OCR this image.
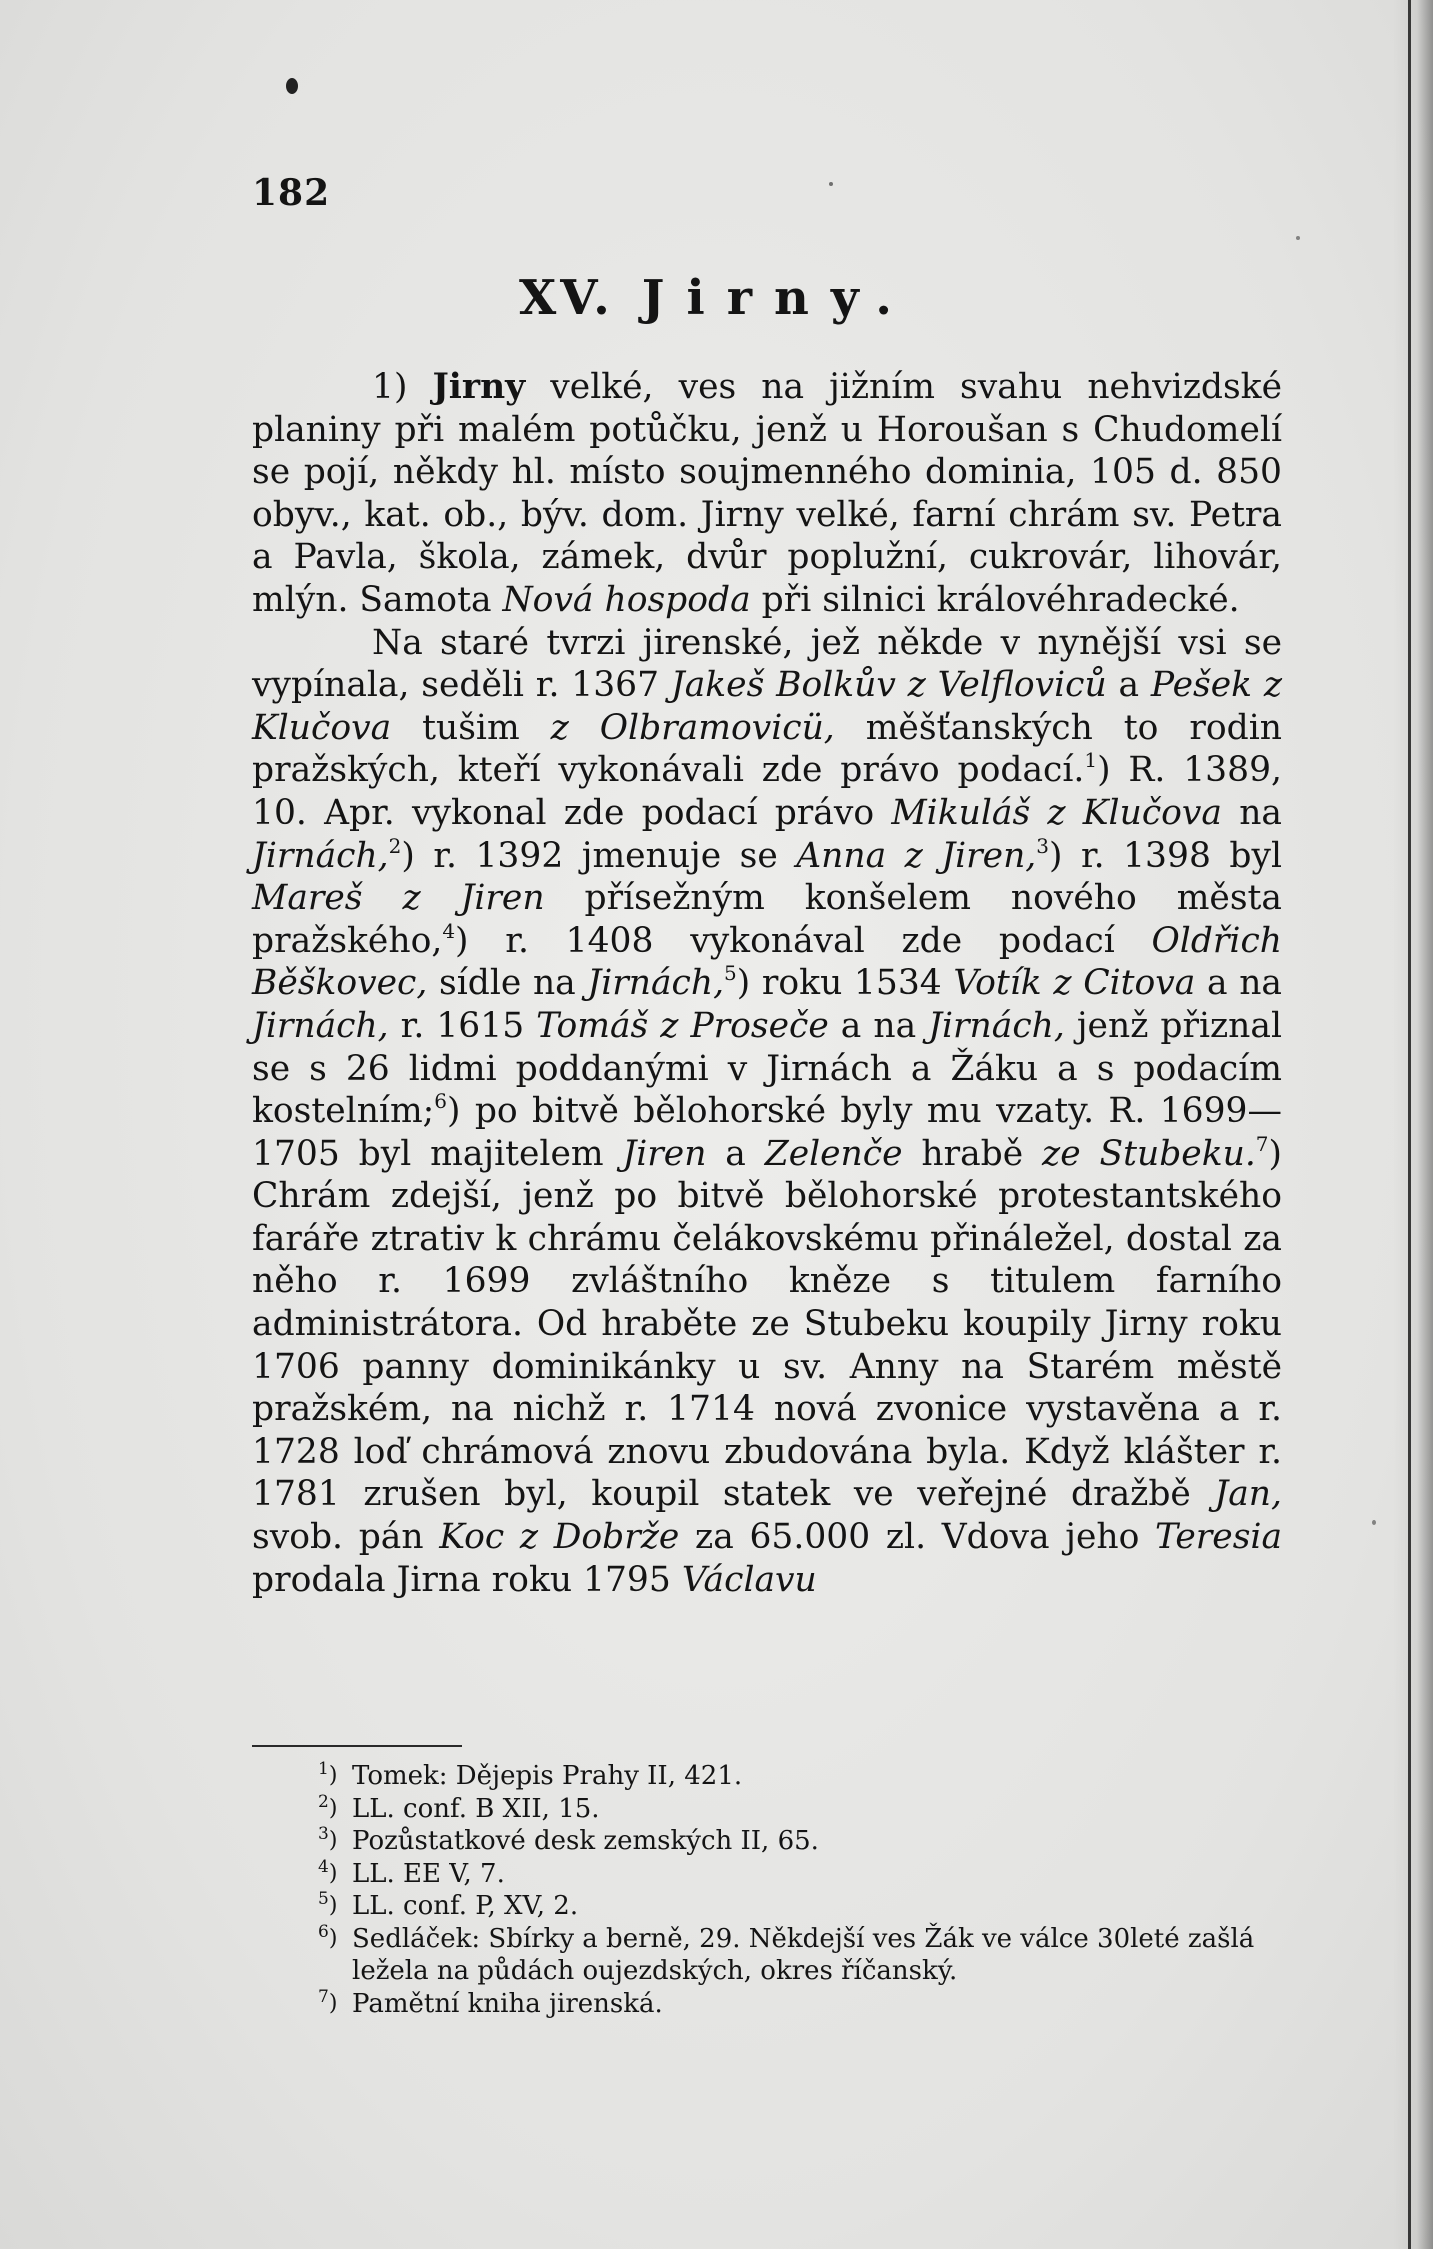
182
XV. Jirny.

1) Jirny velké, ves na jižním svahu nehvizdské planiny při malém potůčku, jenž u Horoušan s Chudomelí se pojí, někdy hl. místo soujmenného dominia, 105 d. 850 obyv., kat. ob., býv. dom. Jirny velké, farní chrám sv. Petra a Pavla, škola, zámek, dvůr poplužní, cukrovár, lihovár, mlýn. Samota Nová hospoda při silnici královéhradecké.

Na staré tvrzi jirenské, jež někde v nynější vsi se vypínala, seděli r. 1367 Jakeš Bolkův z Velfloviců a Pešek z Klučova tušim z Olbramovicü, měšťanských to rodin pražských, kteří vykonávali zde právo podací.$^1$) R. 1389, 10. Apr. vykonal zde podací právo Mikuláš z Klučova na Jirnách,$^2$) r. 1392 jmenuje se Anna z Jiren,$^3$) r. 1398 byl Mareš z Jiren přísežným konšelem nového města pražského,$^4$) r. 1408 vykonával zde podací Oldřich Běškovec, sídle na Jirnách,$^5$) roku 1534 Votík z Citova a na Jirnách, r. 1615 Tomáš z Proseče a na Jirnách, jenž přiznal se s 26 lidmi poddanými v Jirnách a Žáku a s podacím kostelním;$^6$) po bitvě bělohorské byly mu vzaty. R. 1699—1705 byl majitelem Jiren a Zelenče hrabě ze Stubeku.$^7$) Chrám zdejší, jenž po bitvě bělohorské protestantského faráře ztrativ k chrámu čelákovskému přináležel, dostal za něho r. 1699 zvláštního kněze s titulem farního administrátora. Od hraběte ze Stubeku koupily Jirny roku 1706 panny dominikánky u sv. Anny na Starém městě pražském, na nichž r. 1714 nová zvonice vystavěna a r. 1728 loď chrámová znovu zbudována byla. Když klášter r. 1781 zrušen byl, koupil statek ve veřejné dražbě Jan, svob. pán Koc z Dobrže za 65.000 zl. Vdova jeho Teresia prodala Jirna roku 1795 Václavu

$^1$) Tomek: Dějepis Prahy II, 421.
$^2$) LL. conf. B XII, 15.
$^3$) Pozůstatkové desk zemských II, 65.
$^4$) LL. EE V, 7.
$^5$) LL. conf. P, XV, 2.
$^6$) Sedláček: Sbírky a berně, 29. Někdejší ves Žák ve válce 30leté zašlá ležela na půdách oujezdských, okres říčanský.
$^7$) Pamětní kniha jirenská.
